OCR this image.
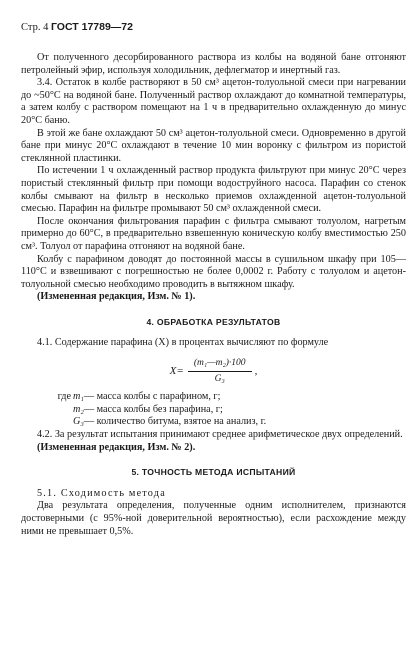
Стр. 4 ГОСТ 17789—72

От полученного десорбированного раствора из колбы на водяной бане отгоняют петролейный эфир, используя холодильник, дефлегматор и инертный газ.

3.4. Остаток в колбе растворяют в 50 см³ ацетон-толуольной смеси при нагревании до ~50°С на водяной бане. Полученный раствор охлаждают до комнатной температуры, а затем колбу с раствором помещают на 1 ч в предварительно охлажденную до минус 20°С баню.

В этой же бане охлаждают 50 см³ ацетон-толуольной смеси. Одновременно в другой бане при минус 20°С охлаждают в течение 10 мин воронку с фильтром из пористой стеклянной пластинки.

По истечении 1 ч охлажденный раствор продукта фильтруют при минус 20°С через пористый стеклянный фильтр при помощи водоструйного насоса. Парафин со стенок колбы смывают на фильтр в несколько приемов охлажденной ацетон-толуольной смесью. Парафин на фильтре промывают 50 см³ охлажденной смеси.

После окончания фильтрования парафин с фильтра смывают толуолом, нагретым примерно до 60°С, в предварительно взвешенную коническую колбу вместимостью 250 см³. Толуол от парафина отгоняют на водяной бане.

Колбу с парафином доводят до постоянной массы в сушильном шкафу при 105—110°С и взвешивают с погрешностью не более 0,0002 г. Работу с толуолом и ацетон-толуольной смесью необходимо проводить в вытяжном шкафу.

(Измененная редакция, Изм. № 1).

4. ОБРАБОТКА РЕЗУЛЬТАТОВ

4.1. Содержание парафина (X) в процентах вычисляют по формуле

$X= \frac{\text{(m₁—m₂)·100}}{\text{G₃}}$ ,
где m₁ — масса колбы с парафином, г;
m₂ — масса колбы без парафина, г;
G₃ — количество битума, взятое на анализ, г.

4.2. За результат испытания принимают среднее арифметическое двух определений.

(Измененная редакция, Изм. № 2).

5. ТОЧНОСТЬ МЕТОДА ИСПЫТАНИЙ

5.1. Сходимость метода

Два результата определения, полученные одним исполнителем, признаются достоверными (с 95%-ной доверительной вероятностью), если расхождение между ними не превышает 0,5%.
